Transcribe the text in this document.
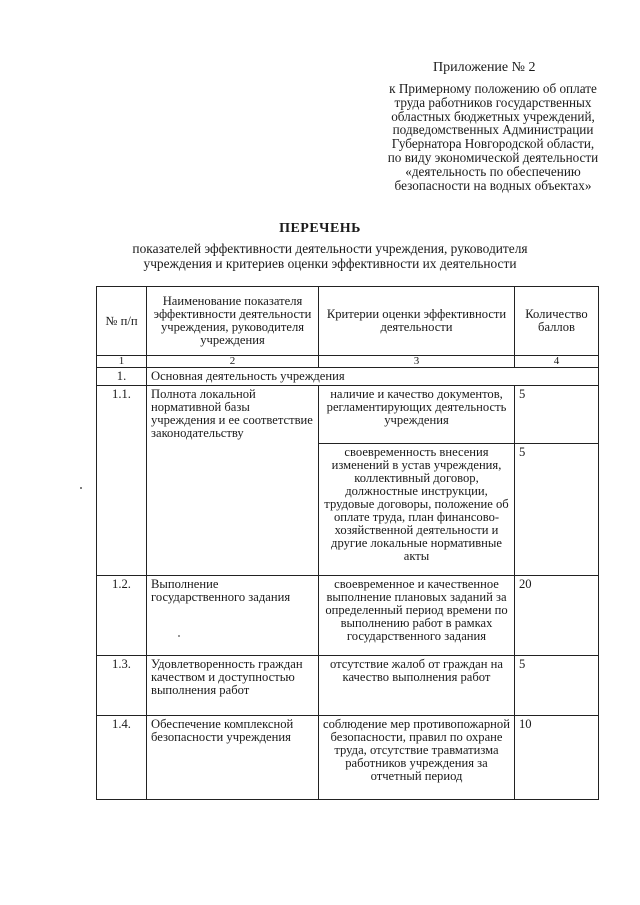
Приложение № 2
к Примерному положению об оплате
труда работников государственных
областных бюджетных учреждений,
подведомственных Администрации
Губернатора Новгородской области,
по виду экономической деятельности
«деятельность по обеспечению
безопасности на водных объектах»
ПЕРЕЧЕНЬ
показателей эффективности деятельности учреждения, руководителя
учреждения и критериев оценки эффективности их деятельности
№ п/п	Наименование показателя эффективности деятельности учреждения, руководителя учреждения	Критерии оценки эффективности деятельности	Количество баллов
1	2	3	4
1.	Основная деятельность учреждения		
1.1.	Полнота локальной нормативной базы учреждения и ее соответствие законодательству	наличие и качество документов, регламентирующих деятельность учреждения	5
		своевременность внесения изменений в устав учреждения, коллективный договор, должностные инструкции, трудовые договоры, положение об оплате труда, план финансово-хозяйственной деятельности и другие локальные нормативные акты	5
1.2.	Выполнение государственного задания	своевременное и качественное выполнение плановых заданий за определенный период времени по выполнению работ в рамках государственного задания	20
1.3.	Удовлетворенность граждан качеством и доступностью выполнения работ	отсутствие жалоб от граждан на качество выполнения работ	5
1.4.	Обеспечение комплексной безопасности учреждения	соблюдение мер противопожарной безопасности, правил по охране труда, отсутствие травматизма работников учреждения за отчетный период	10
